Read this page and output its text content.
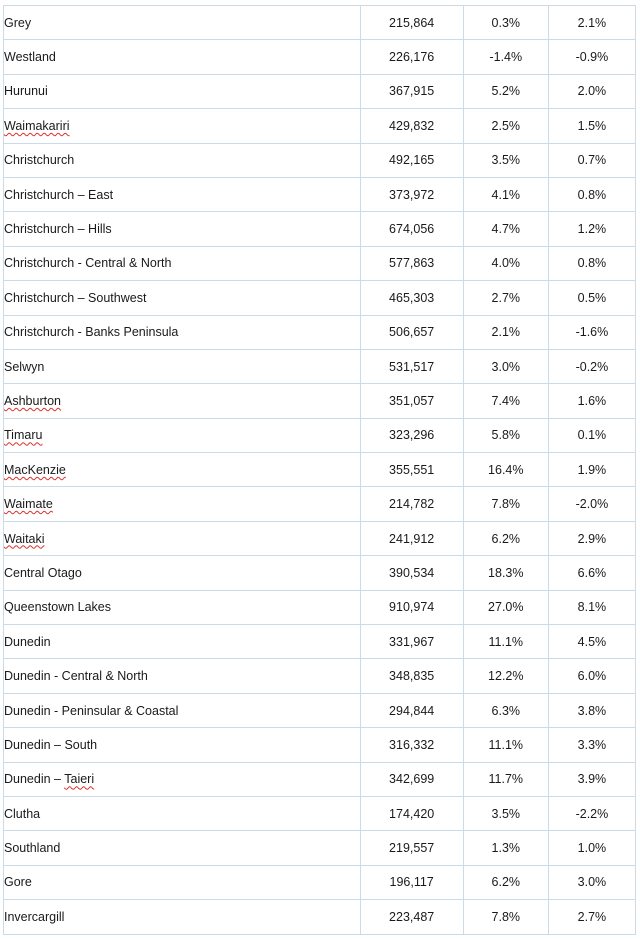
Grey	215,864	0.3%	2.1%
Westland	226,176	-1.4%	-0.9%
Hurunui	367,915	5.2%	2.0%
Waimakariri	429,832	2.5%	1.5%
Christchurch	492,165	3.5%	0.7%
Christchurch – East	373,972	4.1%	0.8%
Christchurch – Hills	674,056	4.7%	1.2%
Christchurch - Central & North	577,863	4.0%	0.8%
Christchurch – Southwest	465,303	2.7%	0.5%
Christchurch - Banks Peninsula	506,657	2.1%	-1.6%
Selwyn	531,517	3.0%	-0.2%
Ashburton	351,057	7.4%	1.6%
Timaru	323,296	5.8%	0.1%
MacKenzie	355,551	16.4%	1.9%
Waimate	214,782	7.8%	-2.0%
Waitaki	241,912	6.2%	2.9%
Central Otago	390,534	18.3%	6.6%
Queenstown Lakes	910,974	27.0%	8.1%
Dunedin	331,967	11.1%	4.5%
Dunedin - Central & North	348,835	12.2%	6.0%
Dunedin - Peninsular & Coastal	294,844	6.3%	3.8%
Dunedin – South	316,332	11.1%	3.3%
Dunedin – Taieri	342,699	11.7%	3.9%
Clutha	174,420	3.5%	-2.2%
Southland	219,557	1.3%	1.0%
Gore	196,117	6.2%	3.0%
Invercargill	223,487	7.8%	2.7%
